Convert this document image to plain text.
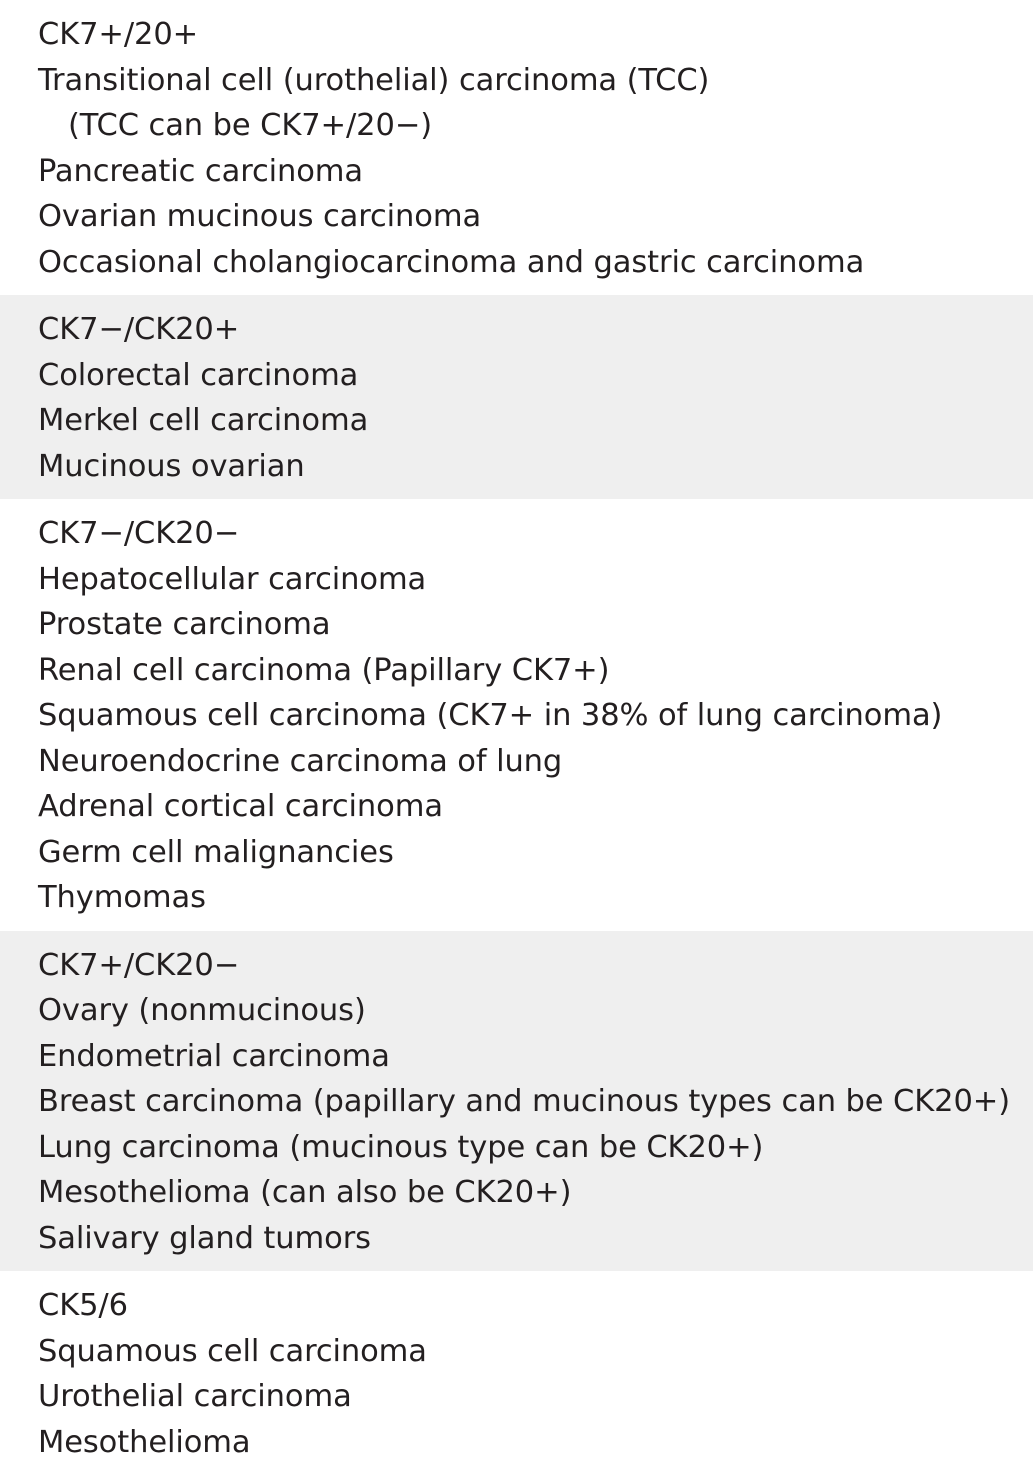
CK7+/20+
Transitional cell (urothelial) carcinoma (TCC)
(TCC can be CK7+/20−)
Pancreatic carcinoma
Ovarian mucinous carcinoma
Occasional cholangiocarcinoma and gastric carcinoma
CK7−/CK20+
Colorectal carcinoma
Merkel cell carcinoma
Mucinous ovarian
CK7−/CK20−
Hepatocellular carcinoma
Prostate carcinoma
Renal cell carcinoma (Papillary CK7+)
Squamous cell carcinoma (CK7+ in 38% of lung carcinoma)
Neuroendocrine carcinoma of lung
Adrenal cortical carcinoma
Germ cell malignancies
Thymomas
CK7+/CK20−
Ovary (nonmucinous)
Endometrial carcinoma
Breast carcinoma (papillary and mucinous types can be CK20+)
Lung carcinoma (mucinous type can be CK20+)
Mesothelioma (can also be CK20+)
Salivary gland tumors
CK5/6
Squamous cell carcinoma
Urothelial carcinoma
Mesothelioma
